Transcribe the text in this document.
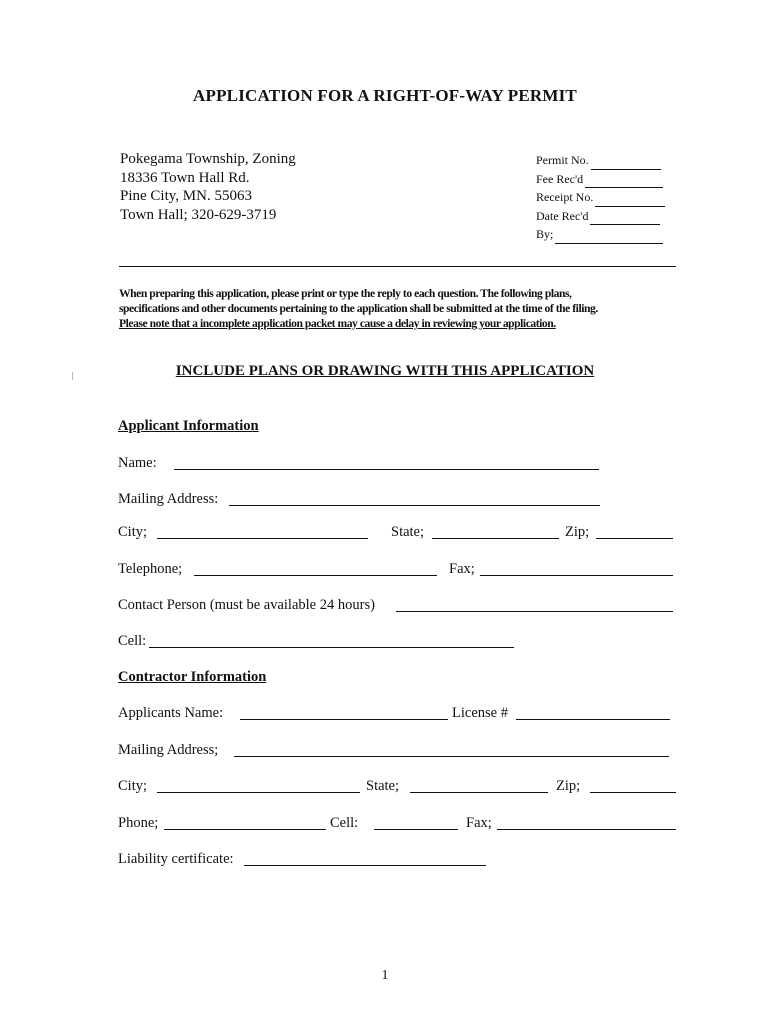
APPLICATION FOR A RIGHT-OF-WAY PERMIT
Pokegama Township, Zoning
18336 Town Hall Rd.
Pine City, MN. 55063
Town Hall; 320-629-3719
Permit No.
Fee Rec'd
Receipt No.
Date Rec'd
By;
When preparing this application, please print or type the reply to each question. The following plans,
specifications and other documents pertaining to the application shall be submitted at the time of the filing.
Please note that a incomplete application packet may cause a delay in reviewing your application.
INCLUDE PLANS OR DRAWING WITH THIS APPLICATION
Applicant Information
Name:
Mailing Address:
City;	State;	Zip;
Telephone;	Fax;
Contact Person (must be available 24 hours)
Cell:
Contractor Information
Applicants Name:	License #
Mailing Address;
City;	State;	Zip;
Phone;	Cell:	Fax;
Liability certificate:
1
